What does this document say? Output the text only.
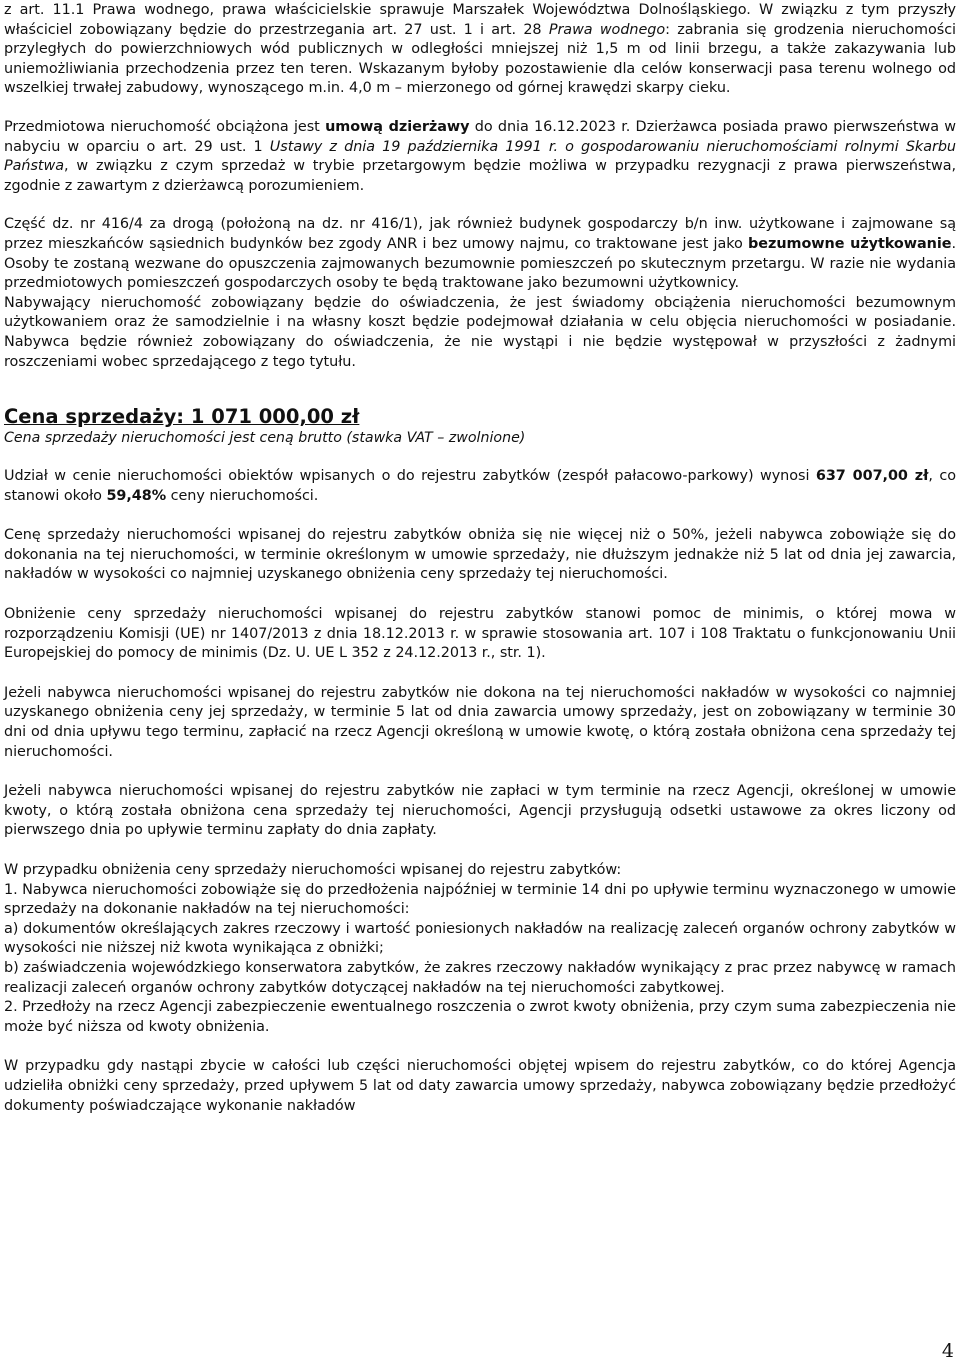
z art. 11.1 Prawa wodnego, prawa właścicielskie sprawuje Marszałek Województwa Dolnośląskiego. W związku z tym przyszły właściciel zobowiązany będzie do przestrzegania art. 27 ust. 1 i art. 28 Prawa wodnego: zabrania się grodzenia nieruchomości przyległych do powierzchniowych wód publicznych w odległości mniejszej niż 1,5 m od linii brzegu, a także zakazywania lub uniemożliwiania przechodzenia przez ten teren. Wskazanym byłoby pozostawienie dla celów konserwacji pasa terenu wolnego od wszelkiej trwałej zabudowy, wynoszącego m.in. 4,0 m – mierzonego od górnej krawędzi skarpy cieku.

Przedmiotowa nieruchomość obciążona jest umową dzierżawy do dnia 16.12.2023 r. Dzierżawca posiada prawo pierwszeństwa w nabyciu w oparciu o art. 29 ust. 1 Ustawy z dnia 19 października 1991 r. o gospodarowaniu nieruchomościami rolnymi Skarbu Państwa, w związku z czym sprzedaż w trybie przetargowym będzie możliwa w przypadku rezygnacji z prawa pierwszeństwa, zgodnie z zawartym z dzierżawcą porozumieniem.

Część dz. nr 416/4 za drogą (położoną na dz. nr 416/1), jak również budynek gospodarczy b/n inw. użytkowane i zajmowane są przez mieszkańców sąsiednich budynków bez zgody ANR i bez umowy najmu, co traktowane jest jako bezumowne użytkowanie. Osoby te zostaną wezwane do opuszczenia zajmowanych bezumownie pomieszczeń po skutecznym przetargu. W razie nie wydania przedmiotowych pomieszczeń gospodarczych osoby te będą traktowane jako bezumowni użytkownicy.

Nabywający nieruchomość zobowiązany będzie do oświadczenia, że jest świadomy obciążenia nieruchomości bezumownym użytkowaniem oraz że samodzielnie i na własny koszt będzie podejmował działania w celu objęcia nieruchomości w posiadanie. Nabywca będzie również zobowiązany do oświadczenia, że nie wystąpi i nie będzie występował w przyszłości z żadnymi roszczeniami wobec sprzedającego z tego tytułu.

Cena sprzedaży: 1 071 000,00 zł

Cena sprzedaży nieruchomości jest ceną brutto (stawka VAT – zwolnione)

Udział w cenie nieruchomości obiektów wpisanych o do rejestru zabytków (zespół pałacowo-parkowy) wynosi 637 007,00 zł, co stanowi około 59,48% ceny nieruchomości.

Cenę sprzedaży nieruchomości wpisanej do rejestru zabytków obniża się nie więcej niż o 50%, jeżeli nabywca zobowiąże się do dokonania na tej nieruchomości, w terminie określonym w umowie sprzedaży, nie dłuższym jednakże niż 5 lat od dnia jej zawarcia, nakładów w wysokości co najmniej uzyskanego obniżenia ceny sprzedaży tej nieruchomości.

Obniżenie ceny sprzedaży nieruchomości wpisanej do rejestru zabytków stanowi pomoc de minimis, o której mowa w rozporządzeniu Komisji (UE) nr 1407/2013 z dnia 18.12.2013 r. w sprawie stosowania art. 107 i 108 Traktatu o funkcjonowaniu Unii Europejskiej do pomocy de minimis (Dz. U. UE L 352 z 24.12.2013 r., str. 1).

Jeżeli nabywca nieruchomości wpisanej do rejestru zabytków nie dokona na tej nieruchomości nakładów w wysokości co najmniej uzyskanego obniżenia ceny jej sprzedaży, w terminie 5 lat od dnia zawarcia umowy sprzedaży, jest on zobowiązany w terminie 30 dni od dnia upływu tego terminu, zapłacić na rzecz Agencji określoną w umowie kwotę, o którą została obniżona cena sprzedaży tej nieruchomości.

Jeżeli nabywca nieruchomości wpisanej do rejestru zabytków nie zapłaci w tym terminie na rzecz Agencji, określonej w umowie kwoty, o którą została obniżona cena sprzedaży tej nieruchomości, Agencji przysługują odsetki ustawowe za okres liczony od pierwszego dnia po upływie terminu zapłaty do dnia zapłaty.

W przypadku obniżenia ceny sprzedaży nieruchomości wpisanej do rejestru zabytków:

1. Nabywca nieruchomości zobowiąże się do przedłożenia najpóźniej w terminie 14 dni po upływie terminu wyznaczonego w umowie sprzedaży na dokonanie nakładów na tej nieruchomości:

a) dokumentów określających zakres rzeczowy i wartość poniesionych nakładów na realizację zaleceń organów ochrony zabytków w wysokości nie niższej niż kwota wynikająca z obniżki;

b) zaświadczenia wojewódzkiego konserwatora zabytków, że zakres rzeczowy nakładów wynikający z prac przez nabywcę w ramach realizacji zaleceń organów ochrony zabytków dotyczącej nakładów na tej nieruchomości zabytkowej.

2. Przedłoży na rzecz Agencji zabezpieczenie ewentualnego roszczenia o zwrot kwoty obniżenia, przy czym suma zabezpieczenia nie może być niższa od kwoty obniżenia.

W przypadku gdy nastąpi zbycie w całości lub części nieruchomości objętej wpisem do rejestru zabytków, co do której Agencja udzieliła obniżki ceny sprzedaży, przed upływem 5 lat od daty zawarcia umowy sprzedaży, nabywca zobowiązany będzie przedłożyć dokumenty poświadczające wykonanie nakładów

4
